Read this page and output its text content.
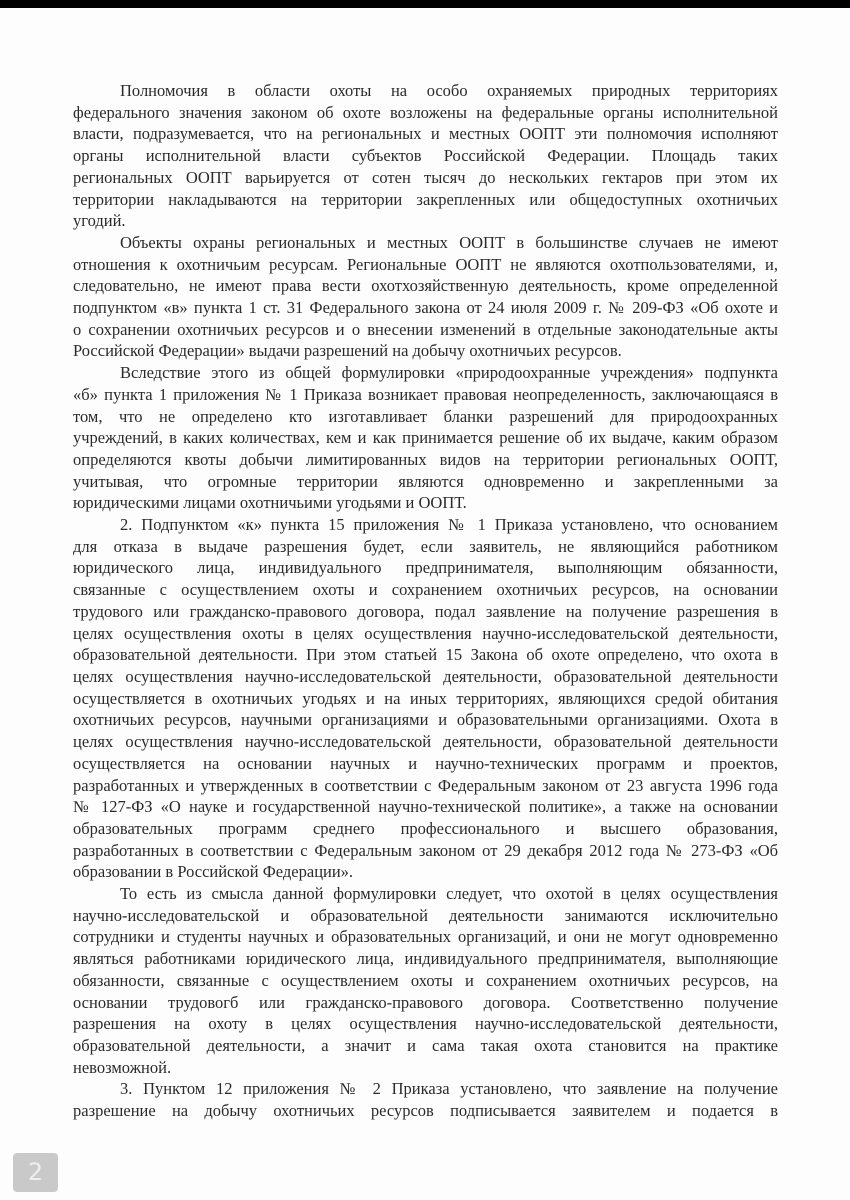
Полномочия в области охоты на особо охраняемых природных территориях
федерального значения законом об охоте возложены на федеральные органы исполнительной
власти, подразумевается, что на региональных и местных ООПТ эти полномочия исполняют
органы исполнительной власти субъектов Российской Федерации. Площадь таких
региональных ООПТ варьируется от сотен тысяч до нескольких гектаров при этом их
территории накладываются на территории закрепленных или общедоступных охотничьих
угодий.
Объекты охраны региональных и местных ООПТ в большинстве случаев не имеют
отношения к охотничьим ресурсам. Региональные ООПТ не являются охотпользователями, и,
следовательно, не имеют права вести охотхозяйственную деятельность, кроме определенной
подпунктом «в» пункта 1 ст. 31 Федерального закона от 24 июля 2009 г. № 209-ФЗ «Об охоте и
о сохранении охотничьих ресурсов и о внесении изменений в отдельные законодательные акты
Российской Федерации» выдачи разрешений на добычу охотничьих ресурсов.
Вследствие этого из общей формулировки «природоохранные учреждения» подпункта
«б» пункта 1 приложения № 1 Приказа возникает правовая неопределенность, заключающаяся в
том, что не определено кто изготавливает бланки разрешений для природоохранных
учреждений, в каких количествах, кем и как принимается решение об их выдаче, каким образом
определяются квоты добычи лимитированных видов на территории региональных ООПТ,
учитывая, что огромные территории являются одновременно и закрепленными за
юридическими лицами охотничьими угодьями и ООПТ.
2. Подпунктом «к» пункта 15 приложения № 1 Приказа установлено, что основанием
для отказа в выдаче разрешения будет, если заявитель, не являющийся работником
юридического лица, индивидуального предпринимателя, выполняющим обязанности,
связанные с осуществлением охоты и сохранением охотничьих ресурсов, на основании
трудового или гражданско-правового договора, подал заявление на получение разрешения в
целях осуществления охоты в целях осуществления научно-исследовательской деятельности,
образовательной деятельности. При этом статьей 15 Закона об охоте определено, что охота в
целях осуществления научно-исследовательской деятельности, образовательной деятельности
осуществляется в охотничьих угодьях и на иных территориях, являющихся средой обитания
охотничьих ресурсов, научными организациями и образовательными организациями. Охота в
целях осуществления научно-исследовательской деятельности, образовательной деятельности
осуществляется на основании научных и научно-технических программ и проектов,
разработанных и утвержденных в соответствии с Федеральным законом от 23 августа 1996 года
№ 127-ФЗ «О науке и государственной научно-технической политике», а также на основании
образовательных программ среднего профессионального и высшего образования,
разработанных в соответствии с Федеральным законом от 29 декабря 2012 года № 273-ФЗ «Об
образовании в Российской Федерации».
То есть из смысла данной формулировки следует, что охотой в целях осуществления
научно-исследовательской и образовательной деятельности занимаются исключительно
сотрудники и студенты научных и образовательных организаций, и они не могут одновременно
являться работниками юридического лица, индивидуального предпринимателя, выполняющие
обязанности, связанные с осуществлением охоты и сохранением охотничьих ресурсов, на
основании трудовогб или гражданско-правового договора. Соответственно получение
разрешения на охоту в целях осуществления научно-исследовательской деятельности,
образовательной деятельности, а значит и сама такая охота становится на практике
невозможной.
3. Пунктом 12 приложения № 2 Приказа установлено, что заявление на получение
разрешение на добычу охотничьих ресурсов подписывается заявителем и подается в
2
